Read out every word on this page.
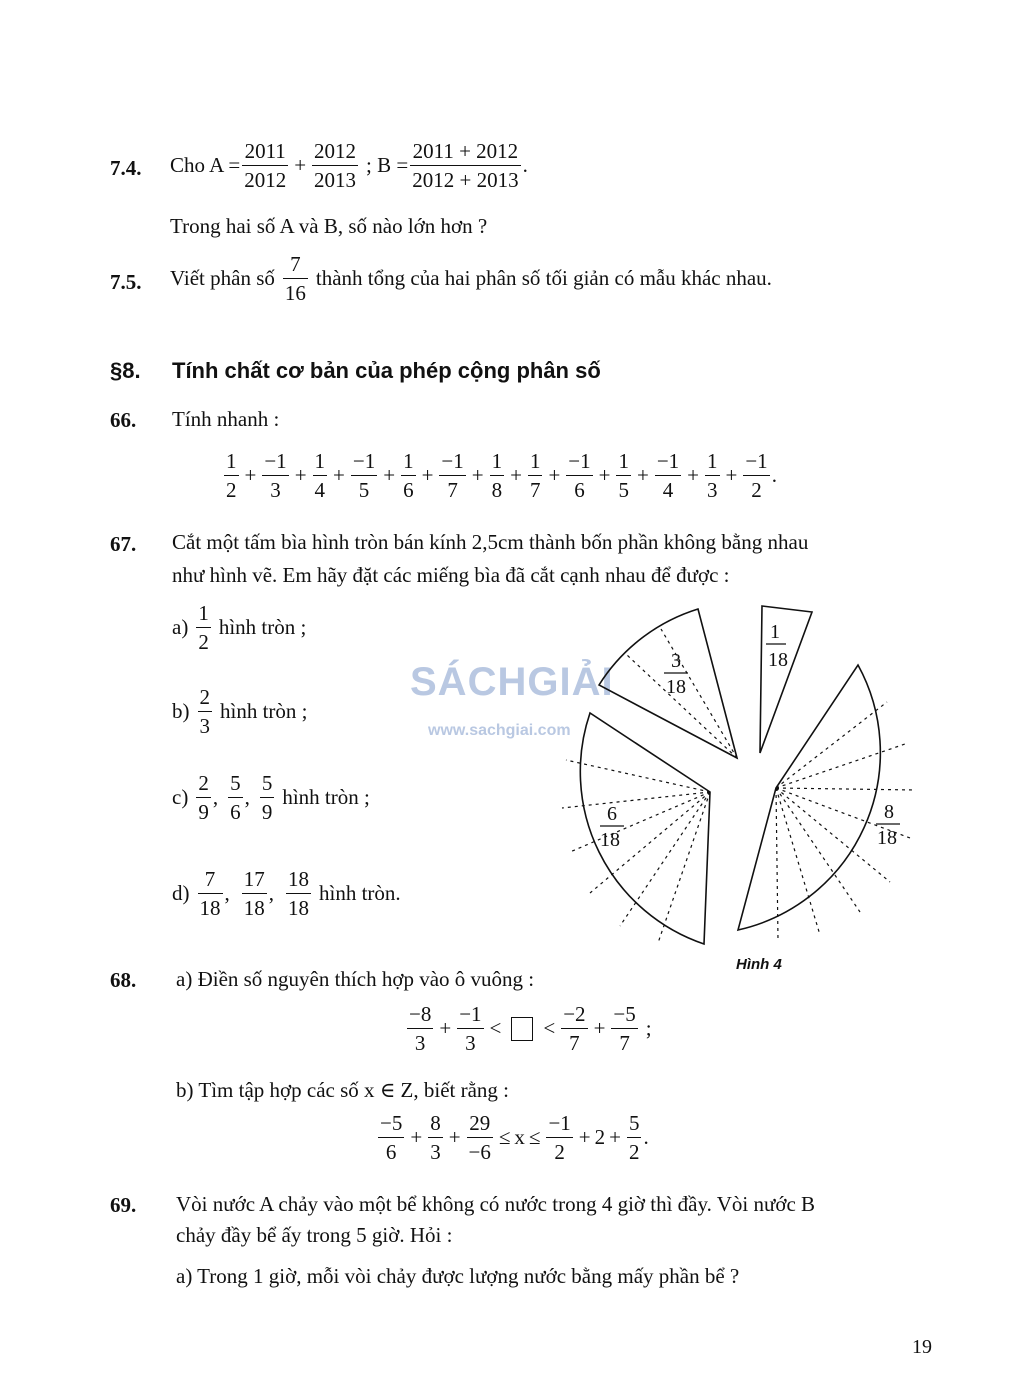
7.4. Cho $A = \frac{2011}{2012} + \frac{2012}{2013}$ ; $B = \frac{2011 + 2012}{2012 + 2013}$ .
Trong hai số A và B, số nào lớn hơn ?
7.5. Viết phân số $\frac{7}{16}$ thành tổng của hai phân số tối giản có mẫu khác nhau.
§8. Tính chất cơ bản của phép cộng phân số
66. Tính nhanh :
$\frac{1}{2} + \frac{-1}{3} + \frac{1}{4} + \frac{-1}{5} + \frac{1}{6} + \frac{-1}{7} + \frac{1}{8} + \frac{1}{7} + \frac{-1}{6} + \frac{1}{5} + \frac{-1}{4} + \frac{1}{3} + \frac{-1}{2}$ .
67. Cắt một tấm bìa hình tròn bán kính 2,5cm thành bốn phần không bằng nhau
như hình vẽ. Em hãy đặt các miếng bìa đã cắt cạnh nhau để được :
$a) \frac{1}{2}$ hình tròn ;
$b) \frac{2}{3}$ hình tròn ;
$c) \frac{2}{9}$ , $\frac{5}{6}$ , $\frac{5}{9}$ hình tròn ;
$d) \frac{7}{18}$ , $\frac{17}{18}$ , $\frac{18}{18}$ hình tròn.
SÁCHGIẢI
www.sachgiai.com
1
18
3
18
6
18
8
18
Hình 4
68. a) Điền số nguyên thích hợp vào ô vuông :
$\frac{-8}{3} + \frac{-1}{3}$ < < $\frac{-2}{7} + \frac{-5}{7}$ ;
b) Tìm tập hợp các số x ∈ Z, biết rằng :
$\frac{-5}{6} + \frac{8}{3} + \frac{29}{-6} \le x \le \frac{-1}{2} + 2 + \frac{5}{2}$ .
69. Vòi nước A chảy vào một bể không có nước trong 4 giờ thì đầy. Vòi nước B
chảy đầy bể ấy trong 5 giờ. Hỏi :
a) Trong 1 giờ, mỗi vòi chảy được lượng nước bằng mấy phần bể ?
19
